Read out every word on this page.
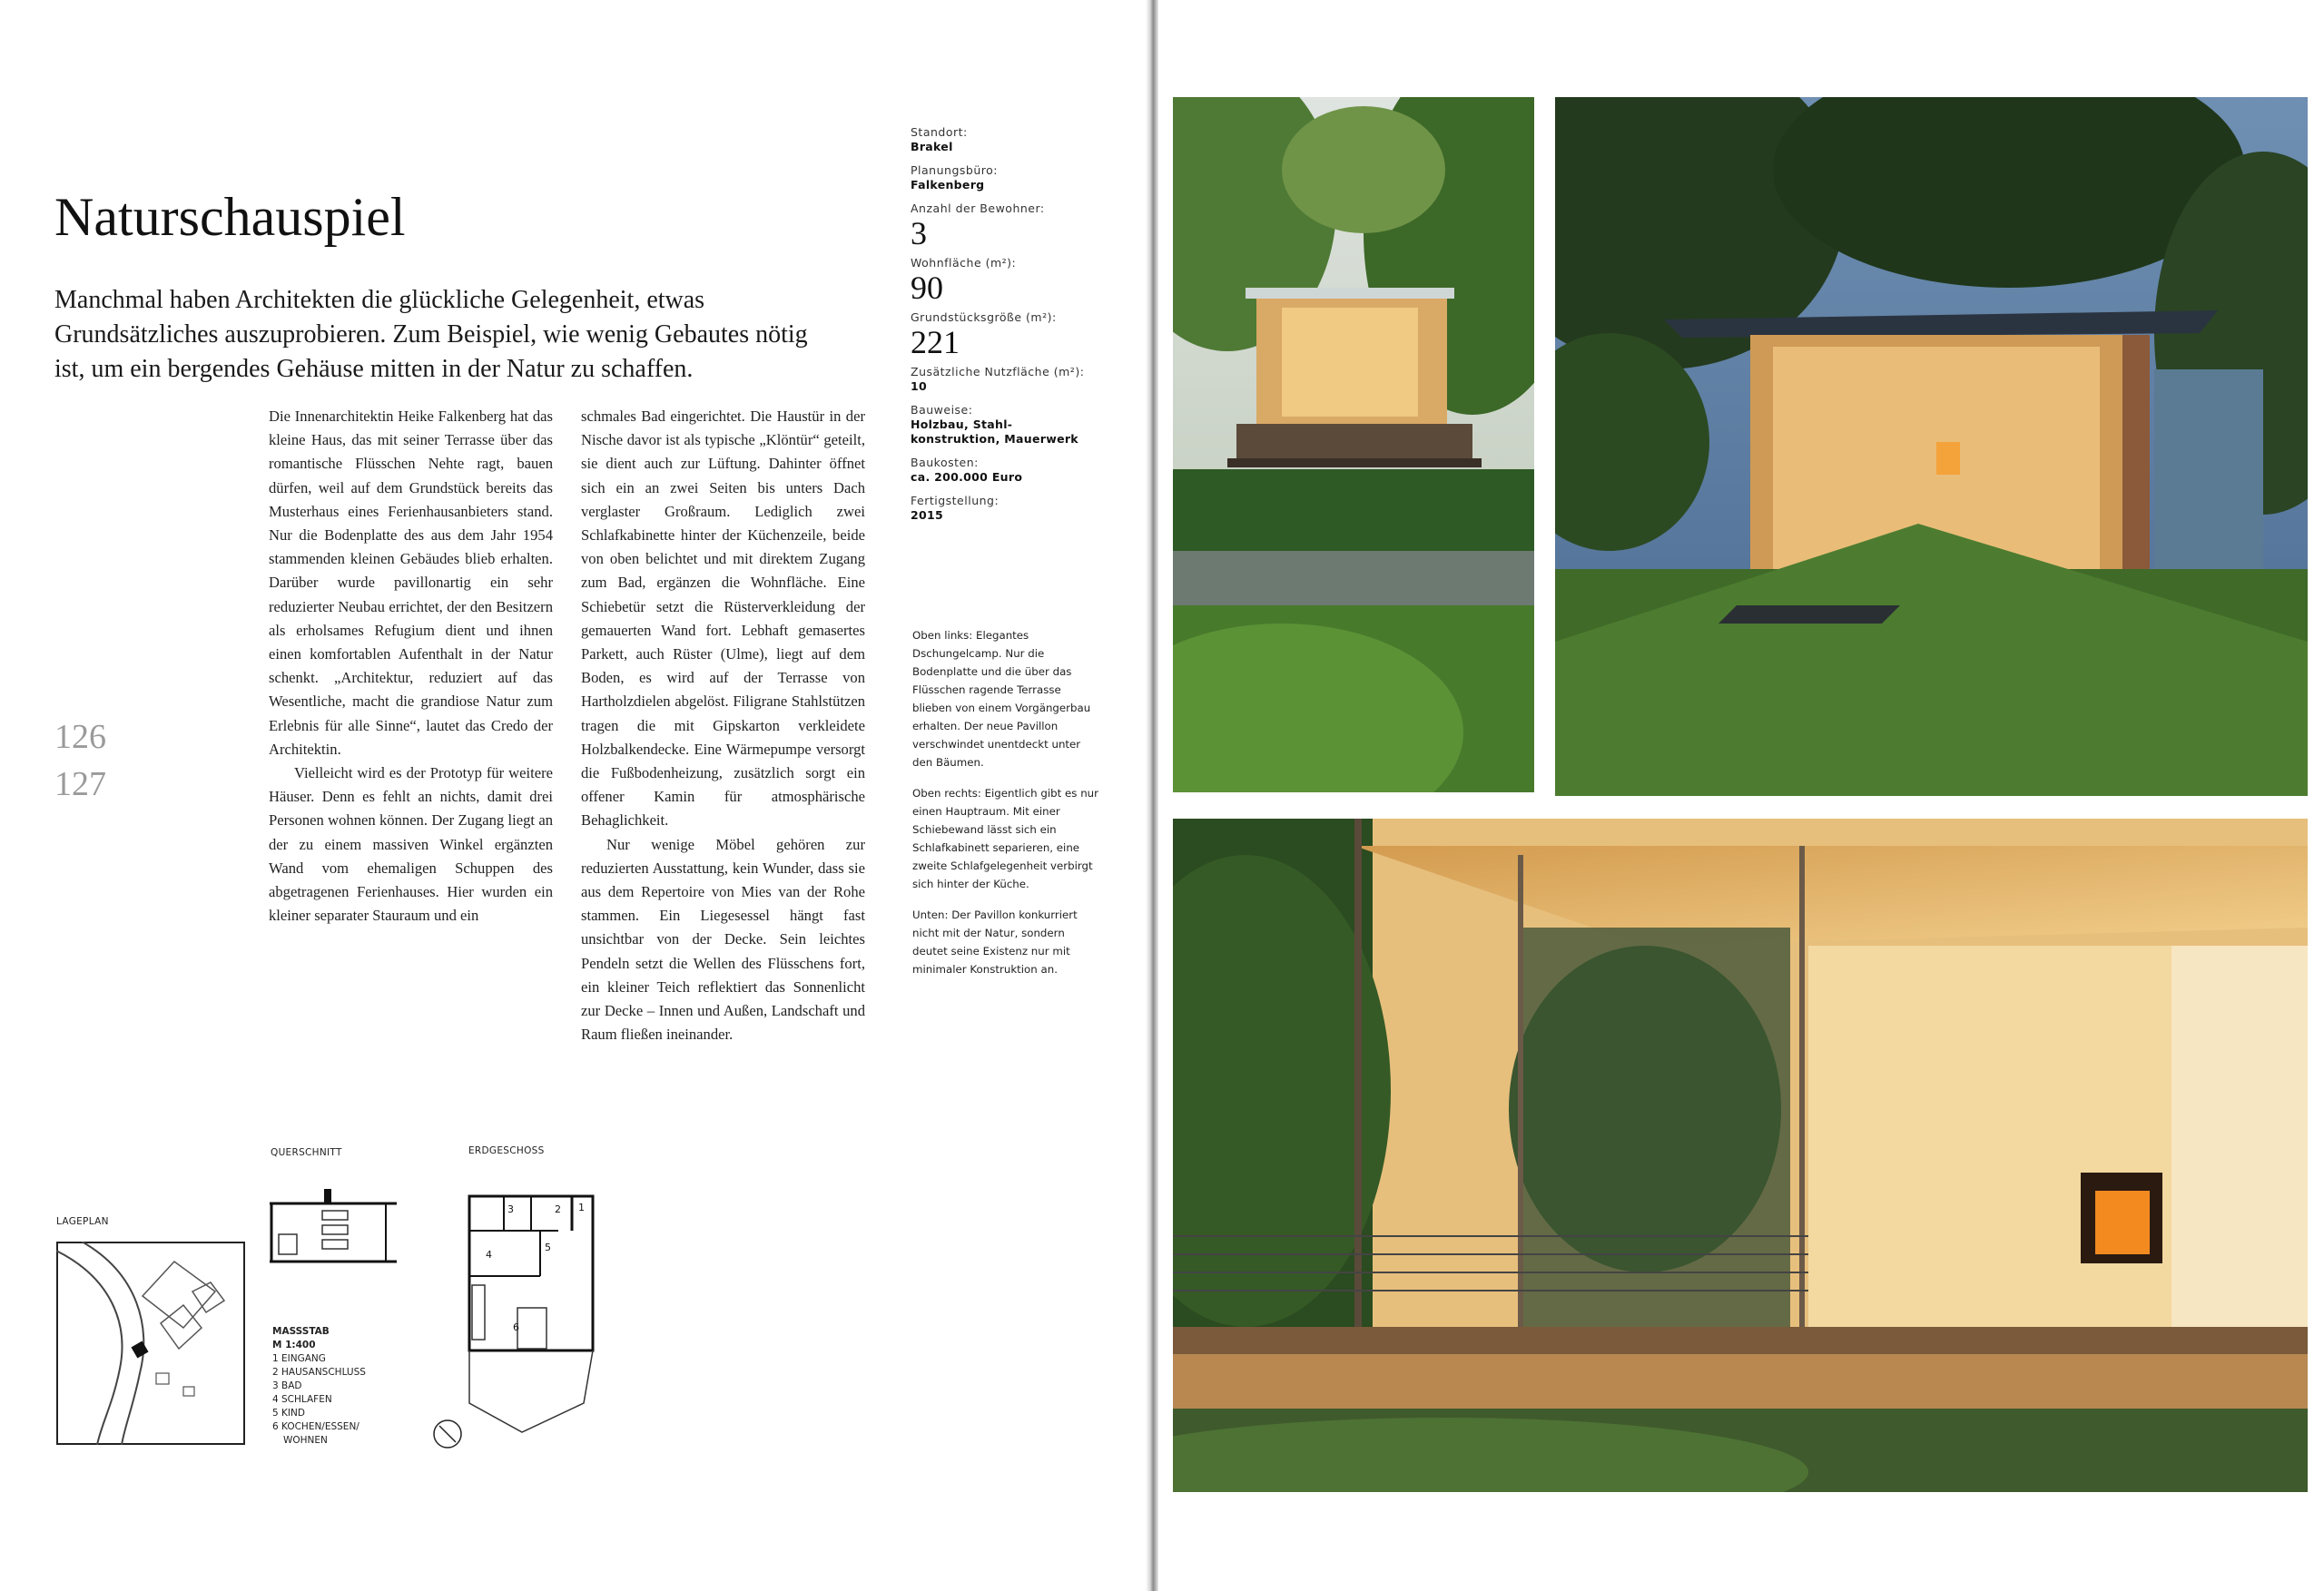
Naturschauspiel
Manchmal haben Architekten die glückliche Gelegenheit, etwas Grundsätzliches auszuprobieren. Zum Beispiel, wie wenig Gebautes nötig ist, um ein bergendes Gehäuse mitten in der Natur zu schaffen.

Die Innenarchitektin Heike Falkenberg hat das kleine Haus, das mit seiner Terrasse über das romantische Flüsschen Nehte ragt, bauen dürfen, weil auf dem Grundstück bereits das Musterhaus eines Ferienhausanbieters stand. Nur die Bodenplatte des aus dem Jahr 1954 stammenden kleinen Gebäudes blieb erhalten. Darüber wurde pavillonartig ein sehr reduzierter Neubau errichtet, der den Besitzern als erholsames Refugium dient und ihnen einen komfortablen Aufenthalt in der Natur schenkt. „Architektur, reduziert auf das Wesentliche, macht die grandiose Natur zum Erlebnis für alle Sinne“, lautet das Credo der Architektin.

Vielleicht wird es der Prototyp für weitere Häuser. Denn es fehlt an nichts, damit drei Personen wohnen können. Der Zugang liegt an der zu einem massiven Winkel ergänzten Wand vom ehemaligen Schuppen des abgetragenen Ferienhauses. Hier wurden ein kleiner separater Stauraum und ein

schmales Bad eingerichtet. Die Haustür in der Nische davor ist als typische „Klöntür“ geteilt, sie dient auch zur Lüftung. Dahinter öffnet sich ein an zwei Seiten bis unters Dach verglaster Großraum. Lediglich zwei Schlafkabinette hinter der Küchenzeile, beide von oben belichtet und mit direktem Zugang zum Bad, ergänzen die Wohnfläche. Eine Schiebetür setzt die Rüsterverkleidung der gemauerten Wand fort. Lebhaft gemasertes Parkett, auch Rüster (Ulme), liegt auf dem Boden, es wird auf der Terrasse von Hartholzdielen abgelöst. Filigrane Stahlstützen tragen die mit Gipskarton verkleidete Holzbalkendecke. Eine Wärmepumpe versorgt die Fußbodenheizung, zusätzlich sorgt ein offener Kamin für atmosphärische Behaglichkeit.

Nur wenige Möbel gehören zur reduzierten Ausstattung, kein Wunder, dass sie aus dem Repertoire von Mies van der Rohe stammen. Ein Liegesessel hängt fast unsichtbar von der Decke. Sein leichtes Pendeln setzt die Wellen des Flüsschens fort, ein kleiner Teich reflektiert das Sonnenlicht zur Decke – Innen und Außen, Landschaft und Raum fließen ineinander.

126
127
Standort:
Brakel
Planungsbüro:
Falkenberg
Anzahl der Bewohner:
3
Wohnfläche (m²):
90
Grundstücksgröße (m²):
221
Zusätzliche Nutzfläche (m²):
10
Bauweise:
Holzbau, Stahl-
konstruktion, Mauerwerk
Baukosten:
ca. 200.000 Euro
Fertigstellung:
2015

Oben links: Elegantes Dschungelcamp. Nur die Bodenplatte und die über das Flüsschen ragende Terrasse blieben von einem Vorgängerbau erhalten. Der neue Pavillon verschwindet unentdeckt unter den Bäumen.

Oben rechts: Eigentlich gibt es nur einen Hauptraum. Mit einer Schiebewand lässt sich ein Schlafkabinett separieren, eine zweite Schlafgelegenheit verbirgt sich hinter der Küche.

Unten: Der Pavillon konkurriert nicht mit der Natur, sondern deutet seine Existenz nur mit minimaler Konstruktion an.

LAGEPLAN
QUERSCHNITT	ERDGESCHOSS
1
2
3
4
5
6
MASSSTAB
M 1:400
1 EINGANG
2 HAUSANSCHLUSS
3 BAD
4 SCHLAFEN
5 KIND
6 KOCHEN/ESSEN/
WOHNEN
